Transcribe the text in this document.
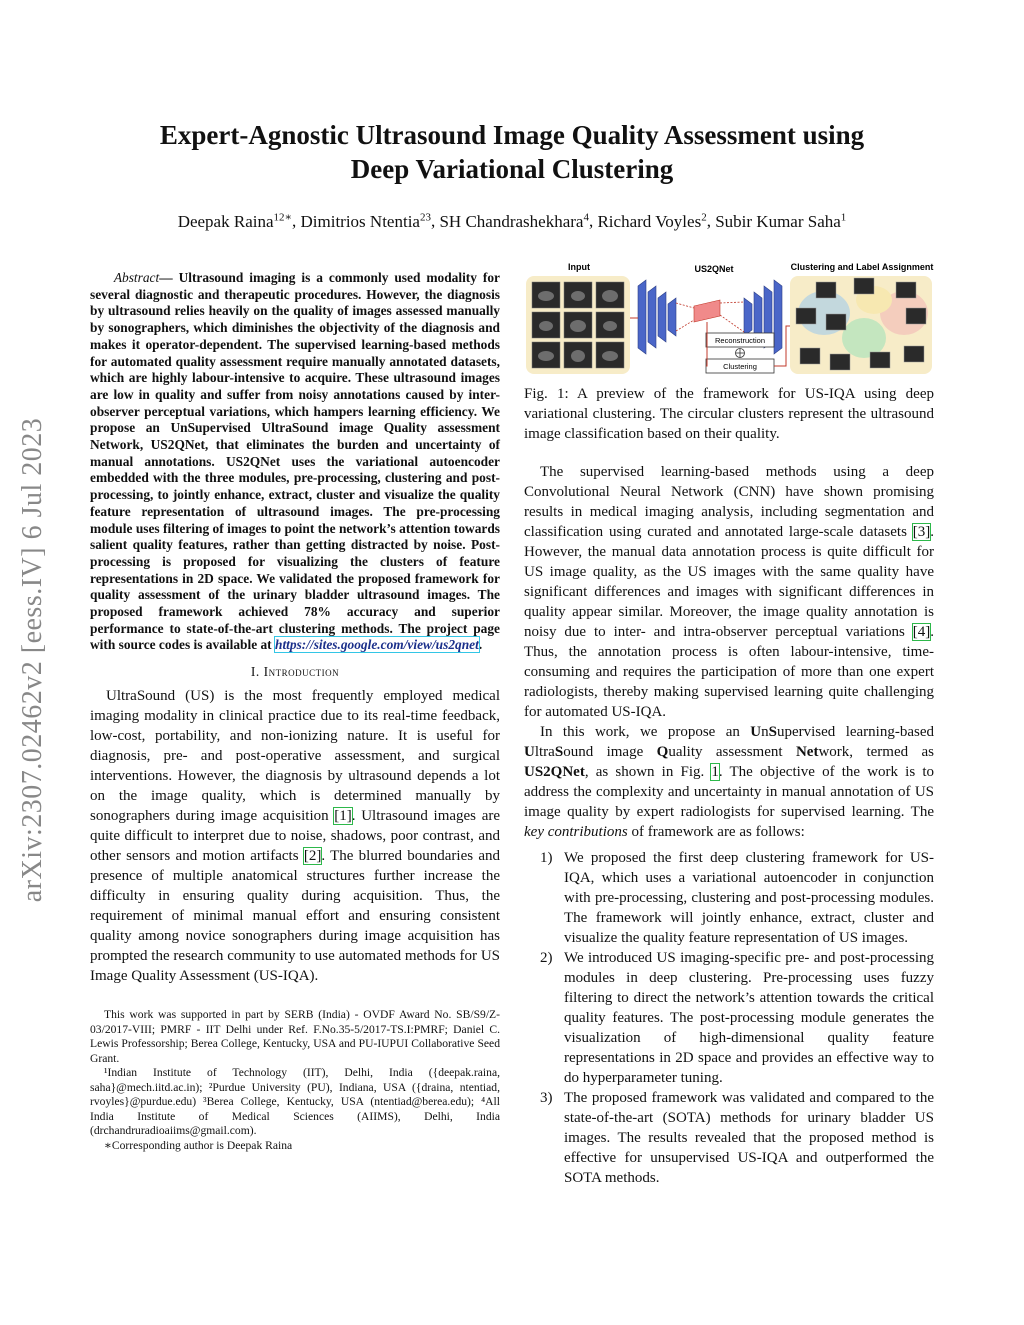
arXiv:2307.02462v2 [eess.IV] 6 Jul 2023
Expert-Agnostic Ultrasound Image Quality Assessment using
Deep Variational Clustering
Deepak Raina$^{12∗}$, Dimitrios Ntentia$^{23}$, SH Chandrashekhara$^4$, Richard Voyles$^2$, Subir Kumar Saha$^1$

Abstract— Ultrasound imaging is a commonly used modality for several diagnostic and therapeutic procedures. However, the diagnosis by ultrasound relies heavily on the quality of images assessed manually by sonographers, which diminishes the objectivity of the diagnosis and makes it operator-dependent. The supervised learning-based methods for automated quality assessment require manually annotated datasets, which are highly labour-intensive to acquire. These ultrasound images are low in quality and suffer from noisy annotations caused by inter-observer perceptual variations, which hampers learning efficiency. We propose an UnSupervised UltraSound image Quality assessment Network, US2QNet, that eliminates the burden and uncertainty of manual annotations. US2QNet uses the variational autoencoder embedded with the three modules, pre-processing, clustering and post-processing, to jointly enhance, extract, cluster and visualize the quality feature representation of ultrasound images. The pre-processing module uses filtering of images to point the network’s attention towards salient quality features, rather than getting distracted by noise. Post-processing is proposed for visualizing the clusters of feature representations in 2D space. We validated the proposed framework for quality assessment of the urinary bladder ultrasound images. The proposed framework achieved 78% accuracy and superior performance to state-of-the-art clustering methods. The project page with source codes is available at https://sites.google.com/view/us2qnet.

I. Introduction

UltraSound (US) is the most frequently employed medical imaging modality in clinical practice due to its real-time feedback, low-cost, portability, and non-ionizing nature. It is useful for diagnosis, pre- and post-operative assessment, and surgical interventions. However, the diagnosis by ultrasound depends a lot on the image quality, which is determined manually by sonographers during image acquisition [1]. Ultrasound images are quite difficult to interpret due to noise, shadows, poor contrast, and other sensors and motion artifacts [2]. The blurred boundaries and presence of multiple anatomical structures further increase the difficulty in ensuring quality during acquisition. Thus, the requirement of minimal manual effort and ensuring consistent quality among novice sonographers during image acquisition has prompted the research community to use automated methods for US Image Quality Assessment (US-IQA).

This work was supported in part by SERB (India) - OVDF Award No. SB/S9/Z-03/2017-VIII; PMRF - IIT Delhi under Ref. F.No.35-5/2017-TS.I:PMRF; Daniel C. Lewis Professorship; Berea College, Kentucky, USA and PU-IUPUI Collaborative Seed Grant.

¹Indian Institute of Technology (IIT), Delhi, India ({deepak.raina, saha}@mech.iitd.ac.in); ²Purdue University (PU), Indiana, USA ({draina, ntentiad, rvoyles}@purdue.edu) ³Berea College, Kentucky, USA (ntentiad@berea.edu); ⁴All India Institute of Medical Sciences (AIIMS), Delhi, India (drchandruradioaiims@gmail.com).

∗Corresponding author is Deepak Raina

Input	US2QNet	Clustering and Label Assignment
Reconstruction
Clustering

Fig. 1: A preview of the framework for US-IQA using deep variational clustering. The circular clusters represent the ultrasound image classification based on their quality.

The supervised learning-based methods using a deep Convolutional Neural Network (CNN) have shown promising results in medical imaging analysis, including segmentation and classification using curated and annotated large-scale datasets [3]. However, the manual data annotation process is quite difficult for US image quality, as the US images with the same quality have significant differences and images with significant differences in quality appear similar. Moreover, the image quality annotation is noisy due to inter- and intra-observer perceptual variations [4]. Thus, the annotation process is often labour-intensive, time-consuming and requires the participation of more than one expert radiologists, thereby making supervised learning quite challenging for automated US-IQA.

In this work, we propose an UnSupervised learning-based UltraSound image Quality assessment Network, termed as US2QNet, as shown in Fig. 1. The objective of the work is to address the complexity and uncertainty in manual annotation of US image quality by expert radiologists for supervised learning. The key contributions of framework are as follows:

1) We proposed the first deep clustering framework for US-IQA, which uses a variational autoencoder in conjunction with pre-processing, clustering and post-processing modules. The framework will jointly enhance, extract, cluster and visualize the quality feature representation of US images.
2) We introduced US imaging-specific pre- and post-processing modules in deep clustering. Pre-processing uses fuzzy filtering to direct the network’s attention towards the critical quality features. The post-processing module generates the visualization of high-dimensional quality feature representations in 2D space and provides an effective way to do hyperparameter tuning.
3) The proposed framework was validated and compared to the state-of-the-art (SOTA) methods for urinary bladder US images. The results revealed that the proposed method is effective for unsupervised US-IQA and outperformed the SOTA methods.
